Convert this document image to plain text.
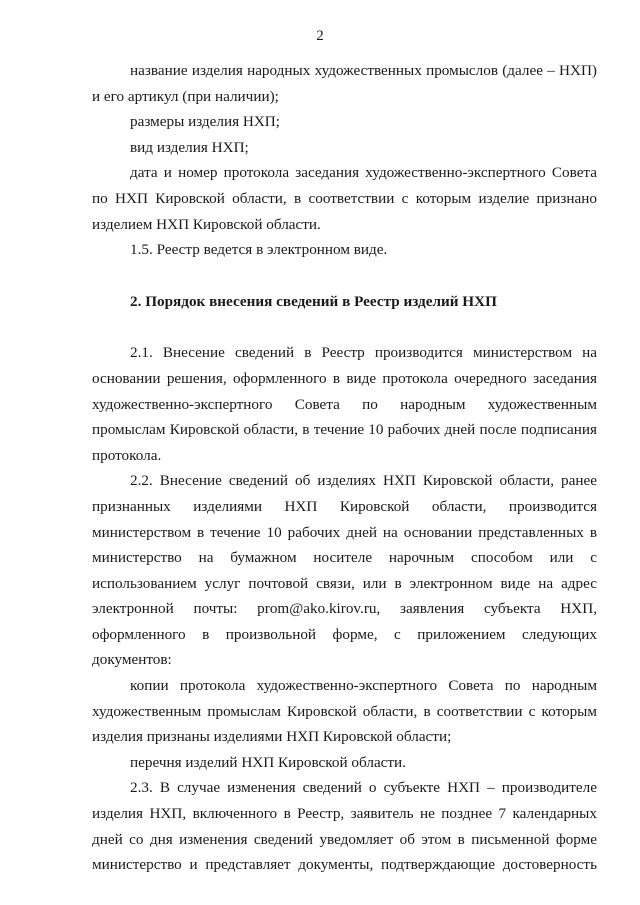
2

название изделия народных художественных промыслов (далее – НХП) и его артикул (при наличии);

размеры изделия НХП;

вид изделия НХП;

дата и номер протокола заседания художественно-экспертного Совета по НХП Кировской области, в соответствии с которым изделие признано изделием НХП Кировской области.

1.5. Реестр ведется в электронном виде.

2. Порядок внесения сведений в Реестр изделий НХП

2.1. Внесение сведений в Реестр производится министерством на основании решения, оформленного в виде протокола очередного заседания художественно-экспертного Совета по народным художественным промыслам Кировской области, в течение 10 рабочих дней после подписания протокола.

2.2. Внесение сведений об изделиях НХП Кировской области, ранее признанных изделиями НХП Кировской области, производится министерством в течение 10 рабочих дней на основании представленных в министерство на бумажном носителе нарочным способом или с использованием услуг почтовой связи, или в электронном виде на адрес электронной почты: prom@ako.kirov.ru, заявления субъекта НХП, оформленного в произвольной форме, с приложением следующих документов:

копии протокола художественно-экспертного Совета по народным художественным промыслам Кировской области, в соответствии с которым изделия признаны изделиями НХП Кировской области;

перечня изделий НХП Кировской области.

2.3. В случае изменения сведений о субъекте НХП – производителе изделия НХП, включенного в Реестр, заявитель не позднее 7 календарных дней со дня изменения сведений уведомляет об этом в письменной форме министерство и представляет документы, подтверждающие достоверность
